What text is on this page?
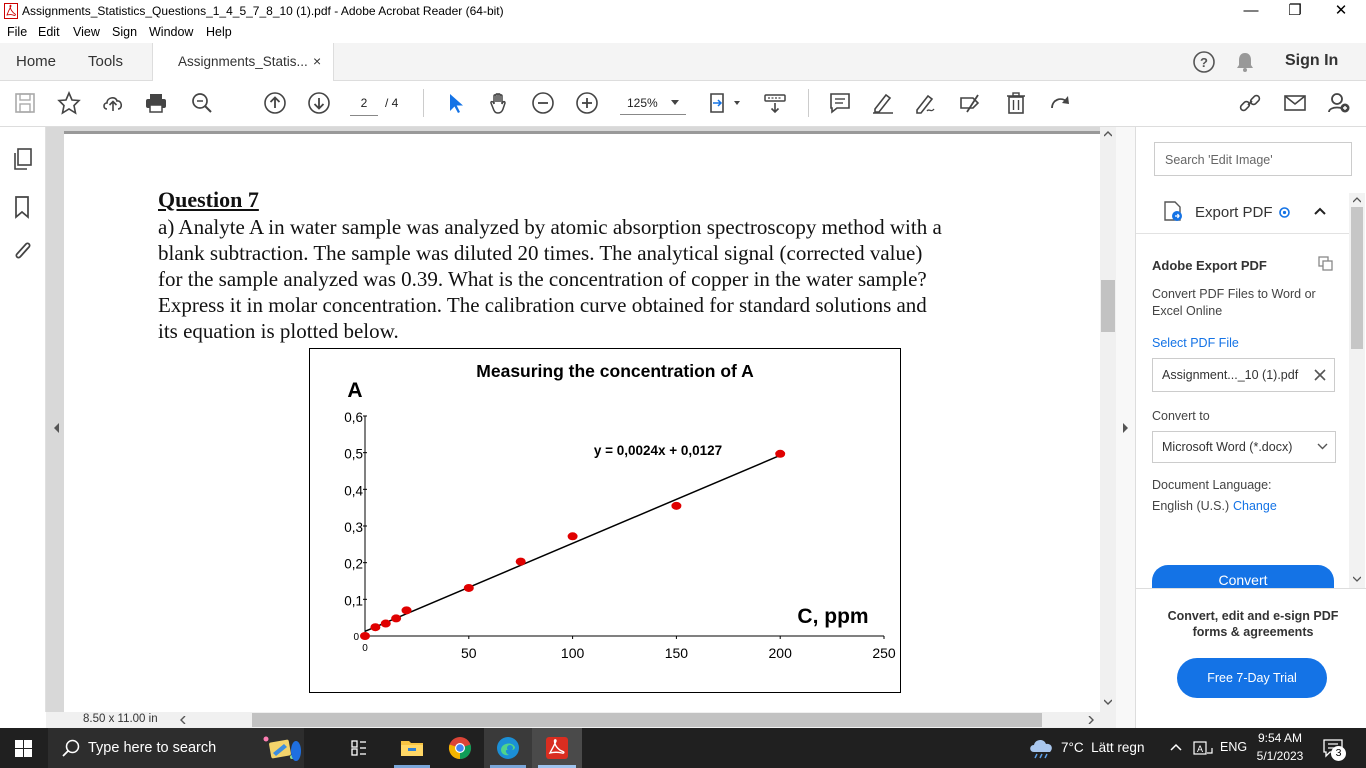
Assignments_Statistics_Questions_1_4_5_7_8_10 (1).pdf - Adobe Acrobat Reader (64-bit)	—	❐	✕
File Edit View Sign Window Help
Home Tools	?	Sign In
Assignments_Statis... ×
2	/ 4	125%
Question 7
a) Analyte A in water sample was analyzed by atomic absorption spectroscopy method with a
blank subtraction. The sample was diluted 20 times. The analytical signal (corrected value)
for the sample analyzed was 0.39. What is the concentration of copper in the water sample?
Express it in molar concentration. The calibration curve obtained for standard solutions and
its equation is plotted below.
Measuring the concentration of A
A
C, ppm
y = 0,0024x + 0,0127
0
0,1
0,2
0,3
0,4
0,5
0,6
0	50	100	150	200	250
8.50 x 11.00 in
Search 'Edit Image'
Export PDF
Adobe Export PDF
Convert PDF Files to Word or Excel Online
Select PDF File
Assignment..._10 (1).pdf
Convert to
Microsoft Word (*.docx)
Document Language:
English (U.S.) Change
Convert
Convert, edit and e-sign PDF forms & agreements
Free 7-Day Trial
Type here to search	7°C  Lätt regn	A ENG
9:54 AM
5/1/2023	3
